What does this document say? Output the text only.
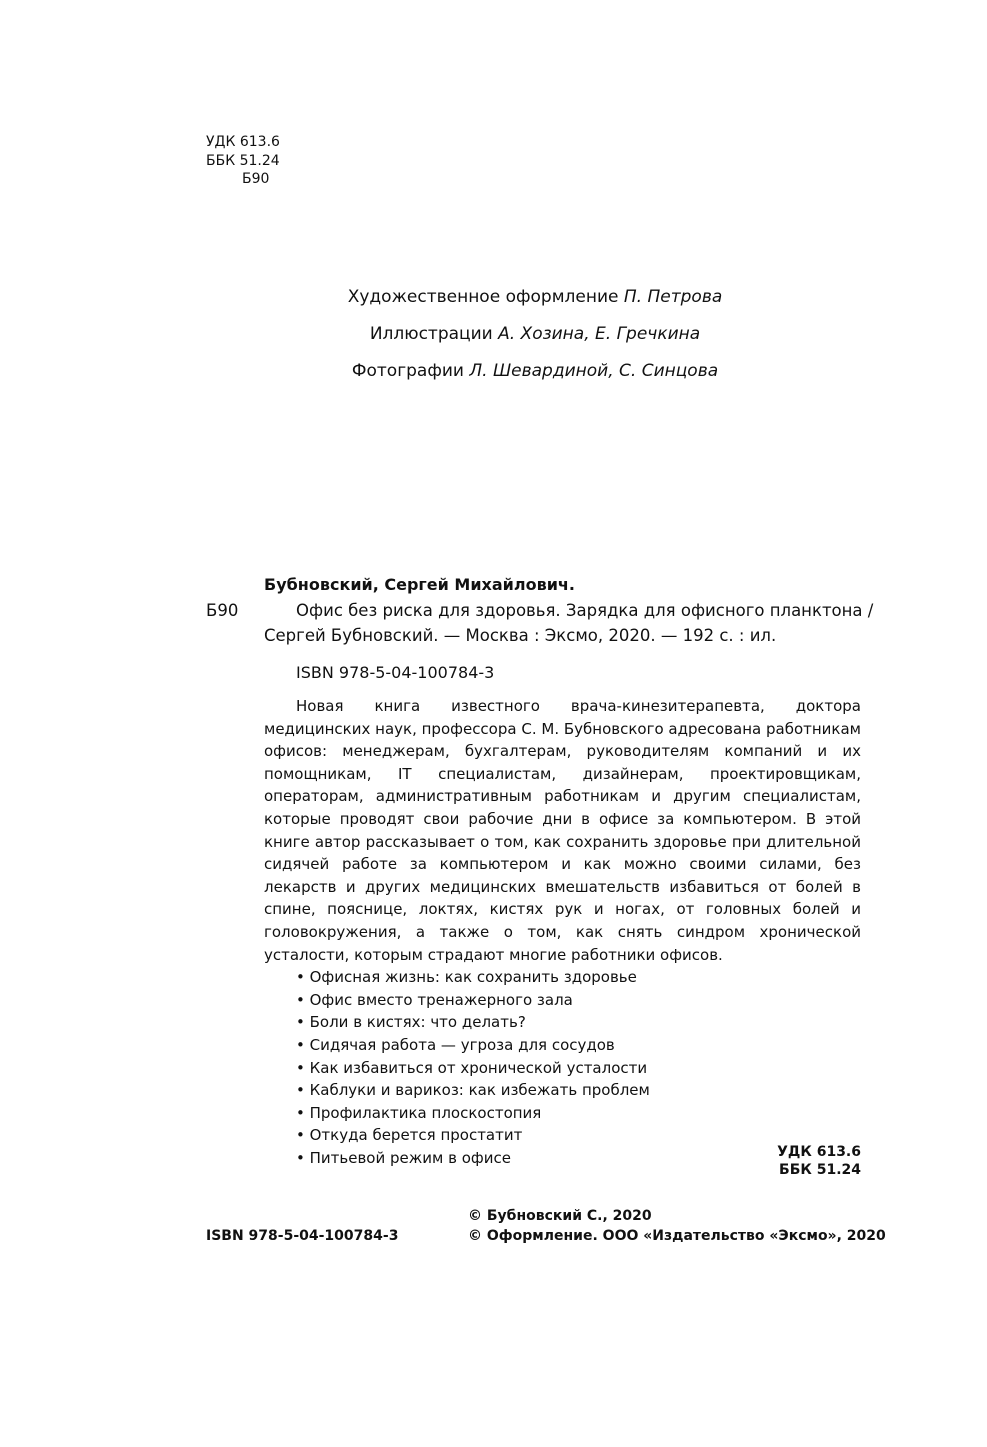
УДК 613.6
ББК 51.24
Б90
Художественное оформление П. Петрова
Иллюстрации А. Хозина, Е. Гречкина
Фотографии Л. Шевардиной, С. Синцова
Бубновский, Сергей Михайлович.
Б90	Офис без риска для здоровья. Зарядка для офисного планктона /
Сергей Бубновский. — Москва : Эксмо, 2020. — 192 с. : ил.
ISBN 978-5-04-100784-3

Новая книга известного врача-кинезитерапевта, доктора медицинских наук, профессора С. М. Бубновского адресована работникам офисов: менеджерам, бухгалтерам, руководителям компаний и их помощникам, IT специалистам, дизайнерам, проектировщикам, операторам, административным работникам и другим специалистам, которые проводят свои рабочие дни в офисе за компьютером. В этой книге автор рассказывает о том, как сохранить здоровье при длительной сидячей работе за компьютером и как можно своими силами, без лекарств и других медицинских вмешательств избавиться от болей в спине, пояснице, локтях, кистях рук и ногах, от головных болей и головокружения, а также о том, как снять синдром хронической усталости, которым страдают многие работники офисов.

• Офисная жизнь: как сохранить здоровье
• Офис вместо тренажерного зала
• Боли в кистях: что делать?
• Сидячая работа — угроза для сосудов
• Как избавиться от хронической усталости
• Каблуки и варикоз: как избежать проблем
• Профилактика плоскостопия
• Откуда берется простатит
• Питьевой режим в офисе	УДК 613.6
ББК 51.24
ISBN 978-5-04-100784-3
© Бубновский С., 2020
© Оформление. ООО «Издательство «Эксмо», 2020
